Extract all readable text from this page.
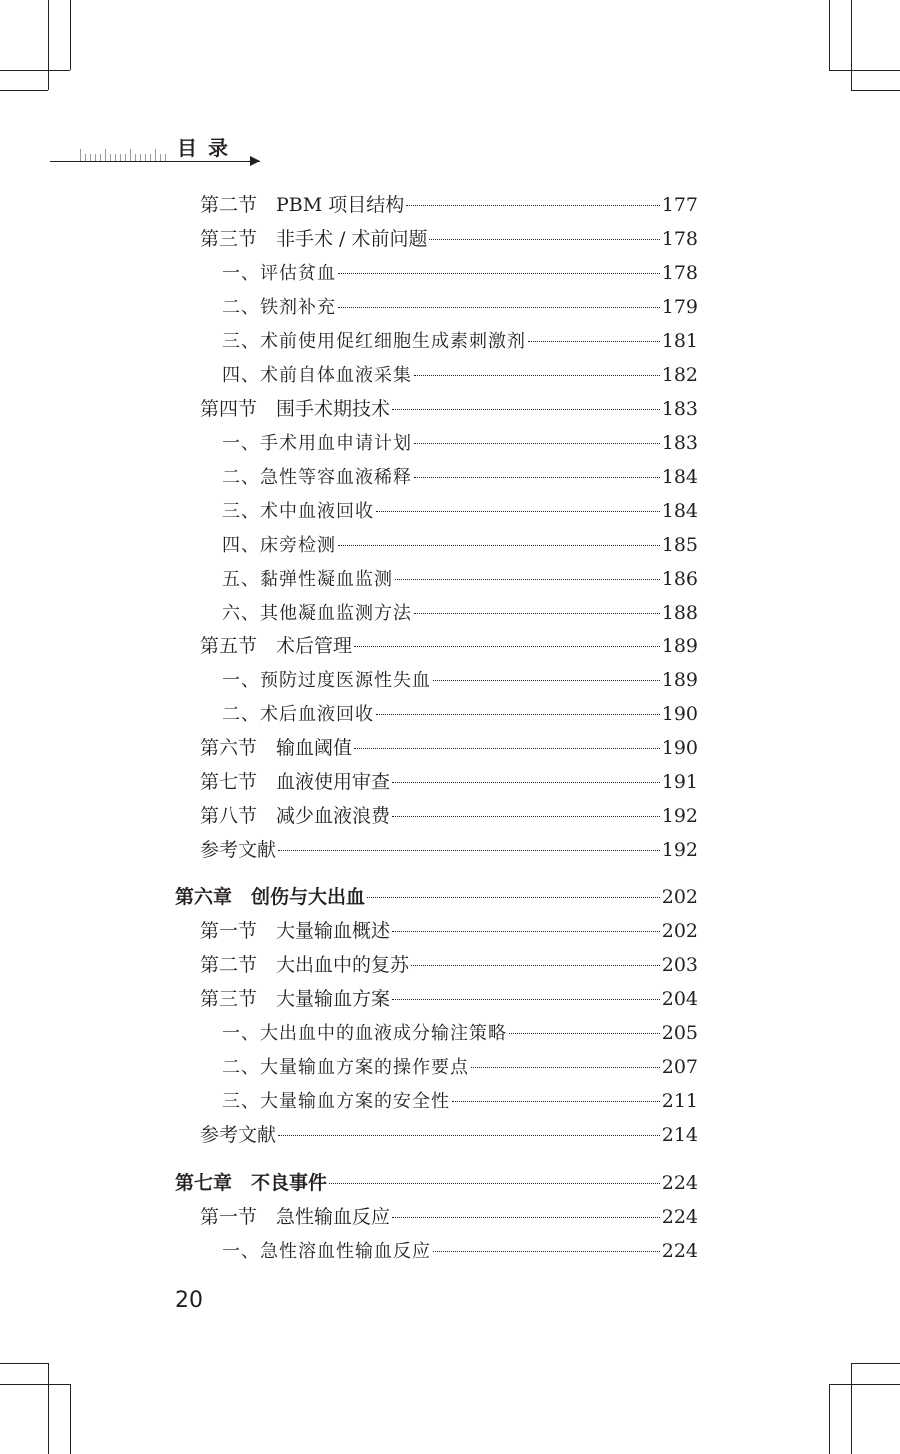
目 录
第二节　PBM 项目结构	177
第三节　非手术 / 术前问题	178
一、评估贫血	178
二、铁剂补充	179
三、术前使用促红细胞生成素刺激剂	181
四、术前自体血液采集	182
第四节　围手术期技术	183
一、手术用血申请计划	183
二、急性等容血液稀释	184
三、术中血液回收	184
四、床旁检测	185
五、黏弹性凝血监测	186
六、其他凝血监测方法	188
第五节　术后管理	189
一、预防过度医源性失血	189
二、术后血液回收	190
第六节　输血阈值	190
第七节　血液使用审查	191
第八节　减少血液浪费	192
参考文献	192
第六章　创伤与大出血	202
第一节　大量输血概述	202
第二节　大出血中的复苏	203
第三节　大量输血方案	204
一、大出血中的血液成分输注策略	205
二、大量输血方案的操作要点	207
三、大量输血方案的安全性	211
参考文献	214
第七章　不良事件	224
第一节　急性输血反应	224
一、急性溶血性输血反应	224
20
